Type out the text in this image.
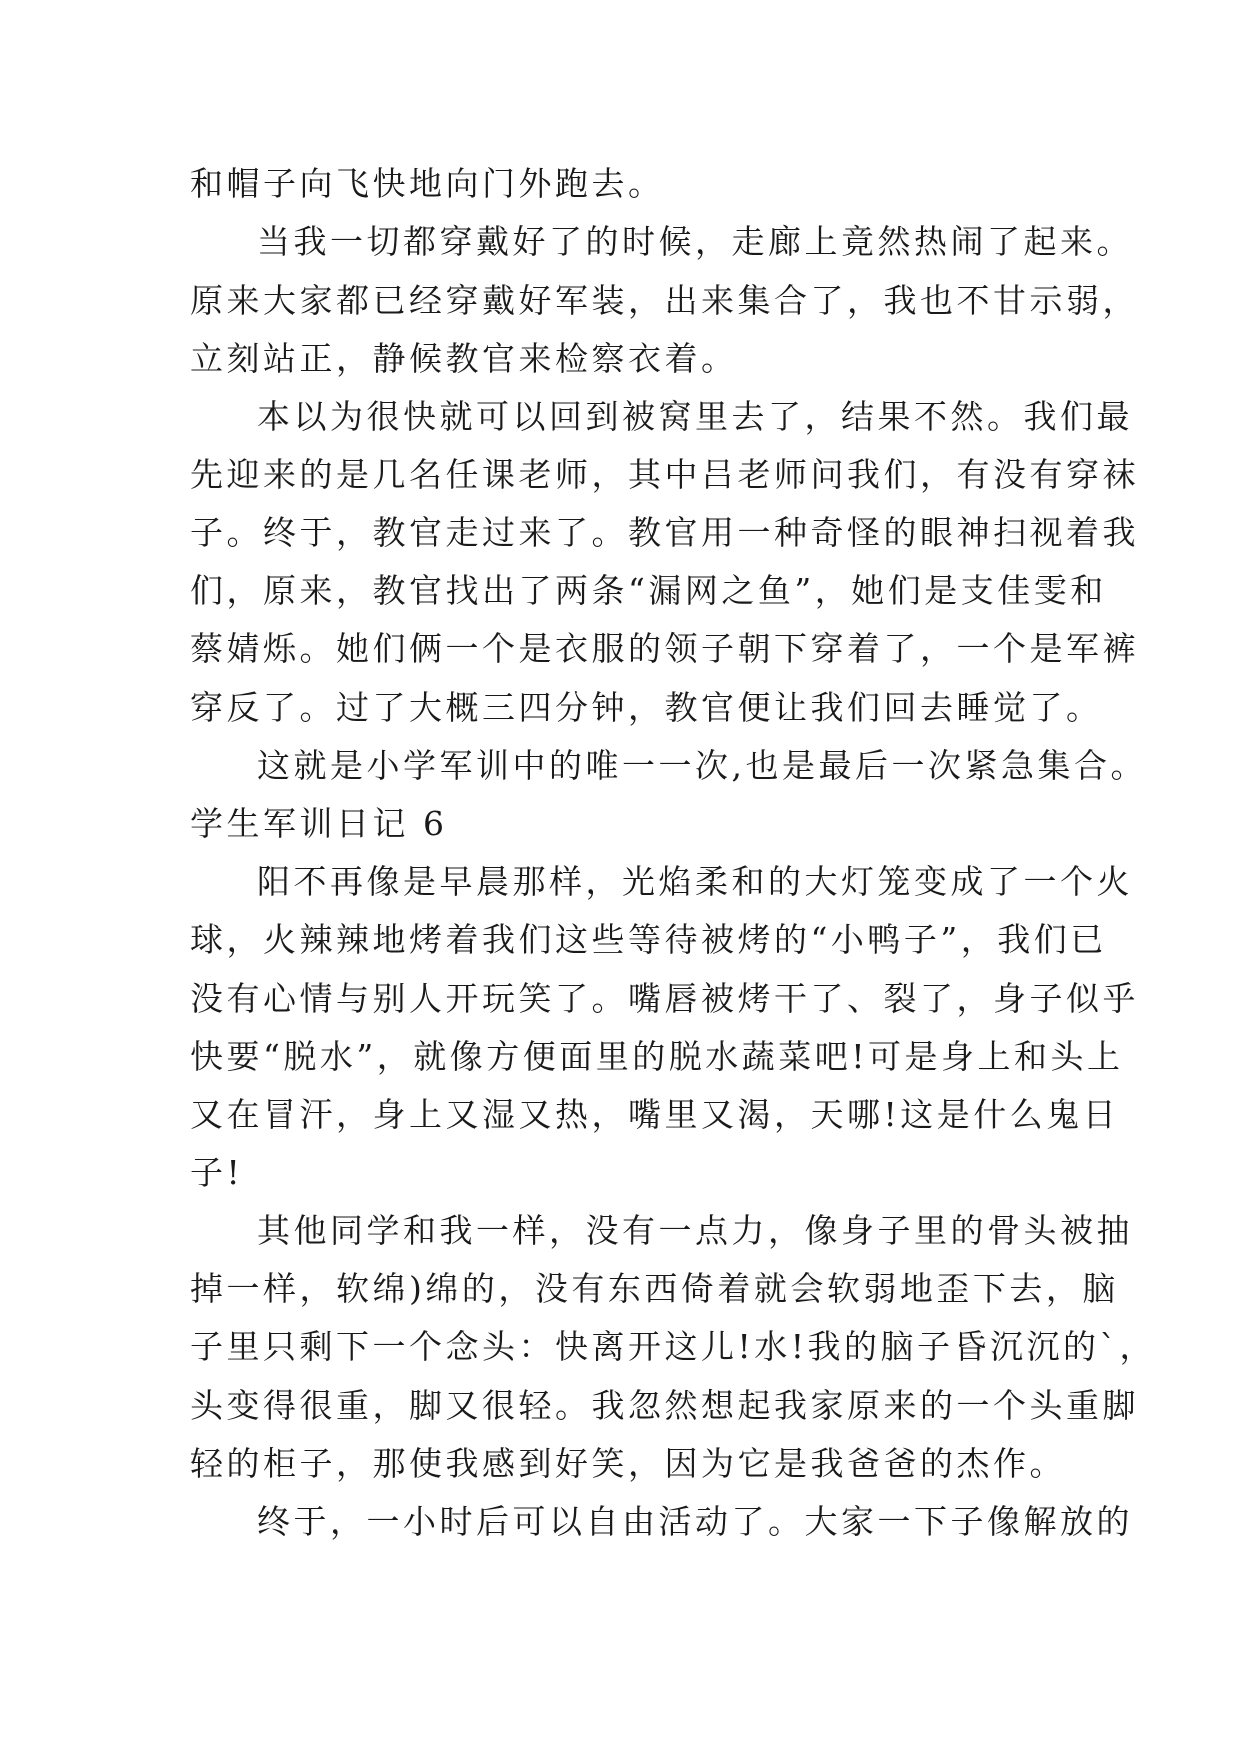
和帽子向飞快地向门外跑去。
当我一切都穿戴好了的时候，走廊上竟然热闹了起来。
原来大家都已经穿戴好军装，出来集合了，我也不甘示弱，
立刻站正，静候教官来检察衣着。
本以为很快就可以回到被窝里去了，结果不然。我们最
先迎来的是几名任课老师，其中吕老师问我们，有没有穿袜
子。终于，教官走过来了。教官用一种奇怪的眼神扫视着我
们，原来，教官找出了两条“漏网之鱼”，她们是支佳雯和
蔡婧烁。她们俩一个是衣服的领子朝下穿着了，一个是军裤
穿反了。过了大概三四分钟，教官便让我们回去睡觉了。
这就是小学军训中的唯一一次,也是最后一次紧急集合。
学生军训日记 6
阳不再像是早晨那样，光焰柔和的大灯笼变成了一个火
球，火辣辣地烤着我们这些等待被烤的“小鸭子”，我们已
没有心情与别人开玩笑了。嘴唇被烤干了、裂了，身子似乎
快要“脱水”，就像方便面里的脱水蔬菜吧!可是身上和头上
又在冒汗，身上又湿又热，嘴里又渴，天哪!这是什么鬼日
子!
其他同学和我一样，没有一点力，像身子里的骨头被抽
掉一样，软绵)绵的，没有东西倚着就会软弱地歪下去，脑
子里只剩下一个念头：快离开这儿!水!我的脑子昏沉沉的`，
头变得很重，脚又很轻。我忽然想起我家原来的一个头重脚
轻的柜子，那使我感到好笑，因为它是我爸爸的杰作。
终于，一小时后可以自由活动了。大家一下子像解放的
